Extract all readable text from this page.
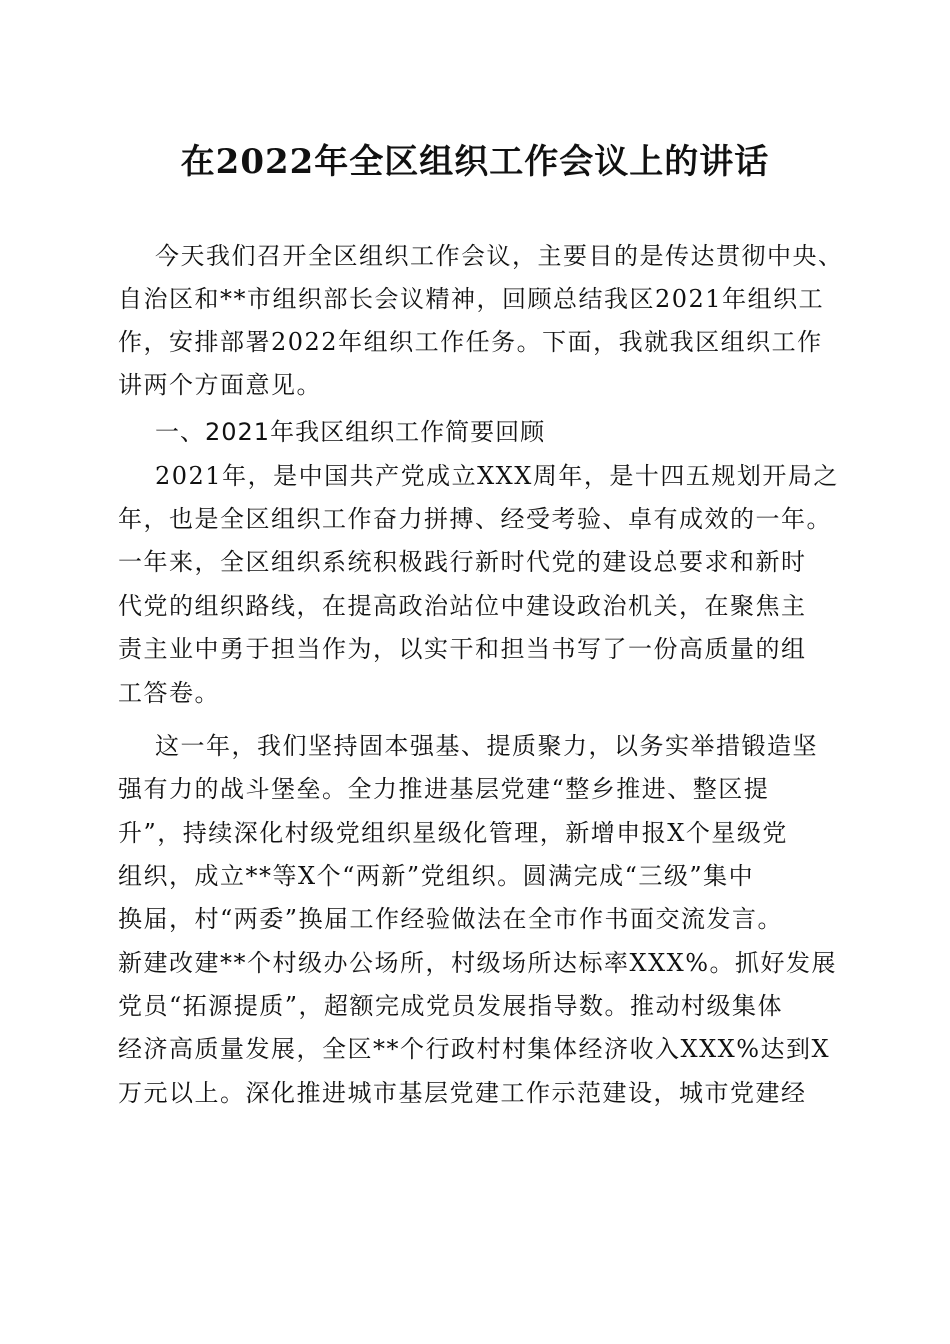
在2022年全区组织工作会议上的讲话

今天我们召开全区组织工作会议，主要目的是传达贯彻中央、

自治区和**市组织部长会议精神，回顾总结我区2021年组织工

作，安排部署2022年组织工作任务。下面，我就我区组织工作

讲两个方面意见。

一、2021年我区组织工作简要回顾

2021年，是中国共产党成立XXX周年，是十四五规划开局之

年，也是全区组织工作奋力拼搏、经受考验、卓有成效的一年。

一年来，全区组织系统积极践行新时代党的建设总要求和新时

代党的组织路线，在提高政治站位中建设政治机关，在聚焦主

责主业中勇于担当作为，以实干和担当书写了一份高质量的组

工答卷。

这一年，我们坚持固本强基、提质聚力，以务实举措锻造坚

强有力的战斗堡垒。全力推进基层党建“整乡推进、整区提

升”，持续深化村级党组织星级化管理，新增申报X个星级党

组织，成立**等X个“两新”党组织。圆满完成“三级”集中

换届，村“两委”换届工作经验做法在全市作书面交流发言。

新建改建**个村级办公场所，村级场所达标率XXX%。抓好发展

党员“拓源提质”，超额完成党员发展指导数。推动村级集体

经济高质量发展，全区**个行政村村集体经济收入XXX%达到X

万元以上。深化推进城市基层党建工作示范建设，城市党建经
